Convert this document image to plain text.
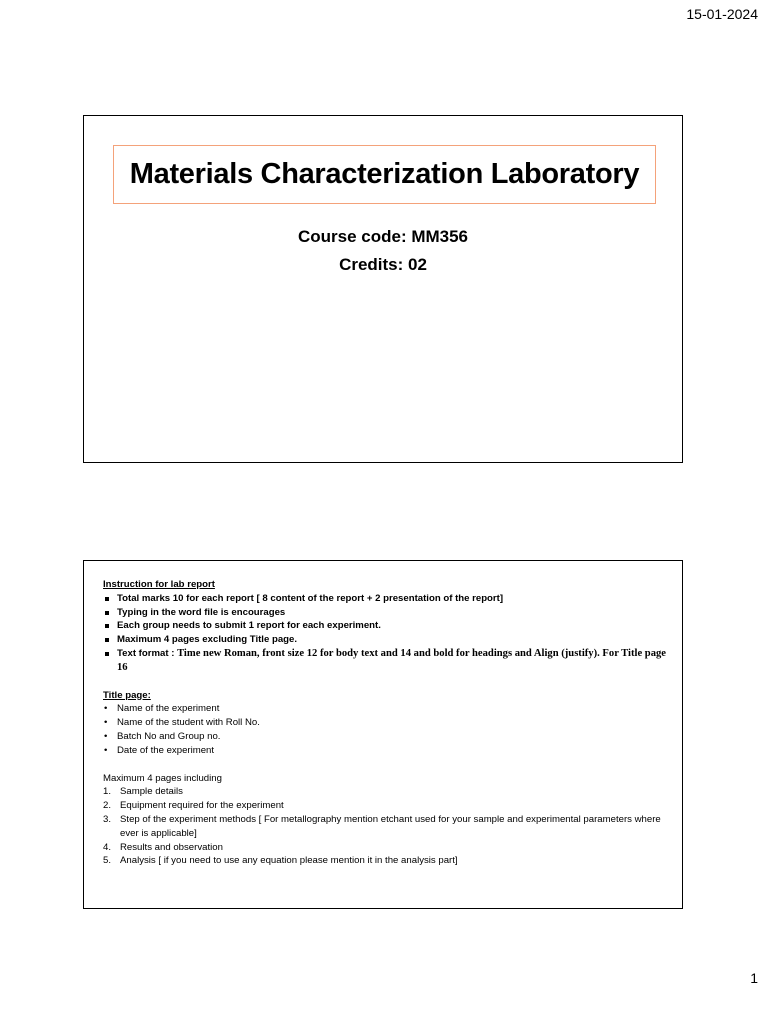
15-01-2024
Materials Characterization Laboratory
Course code: MM356
Credits: 02
Instruction for lab report
Total marks 10 for each report [ 8 content of the report + 2 presentation of the report]
Typing in the word file is encourages
Each group needs to submit 1 report for each experiment.
Maximum 4 pages excluding Title page.
Text format : Time new Roman, front size 12 for body text and 14 and bold for headings and Align (justify). For Title page 16
Title page:
• Name of the experiment
• Name of the student with Roll No.
• Batch No and Group no.
• Date of the experiment
Maximum 4 pages including
1. Sample details
2. Equipment required for the experiment
3. Step of the experiment methods [ For metallography mention etchant used for your sample and experimental parameters where ever is applicable]
4. Results and observation
5. Analysis [ if you need to use any equation please mention it in the analysis part]
1
